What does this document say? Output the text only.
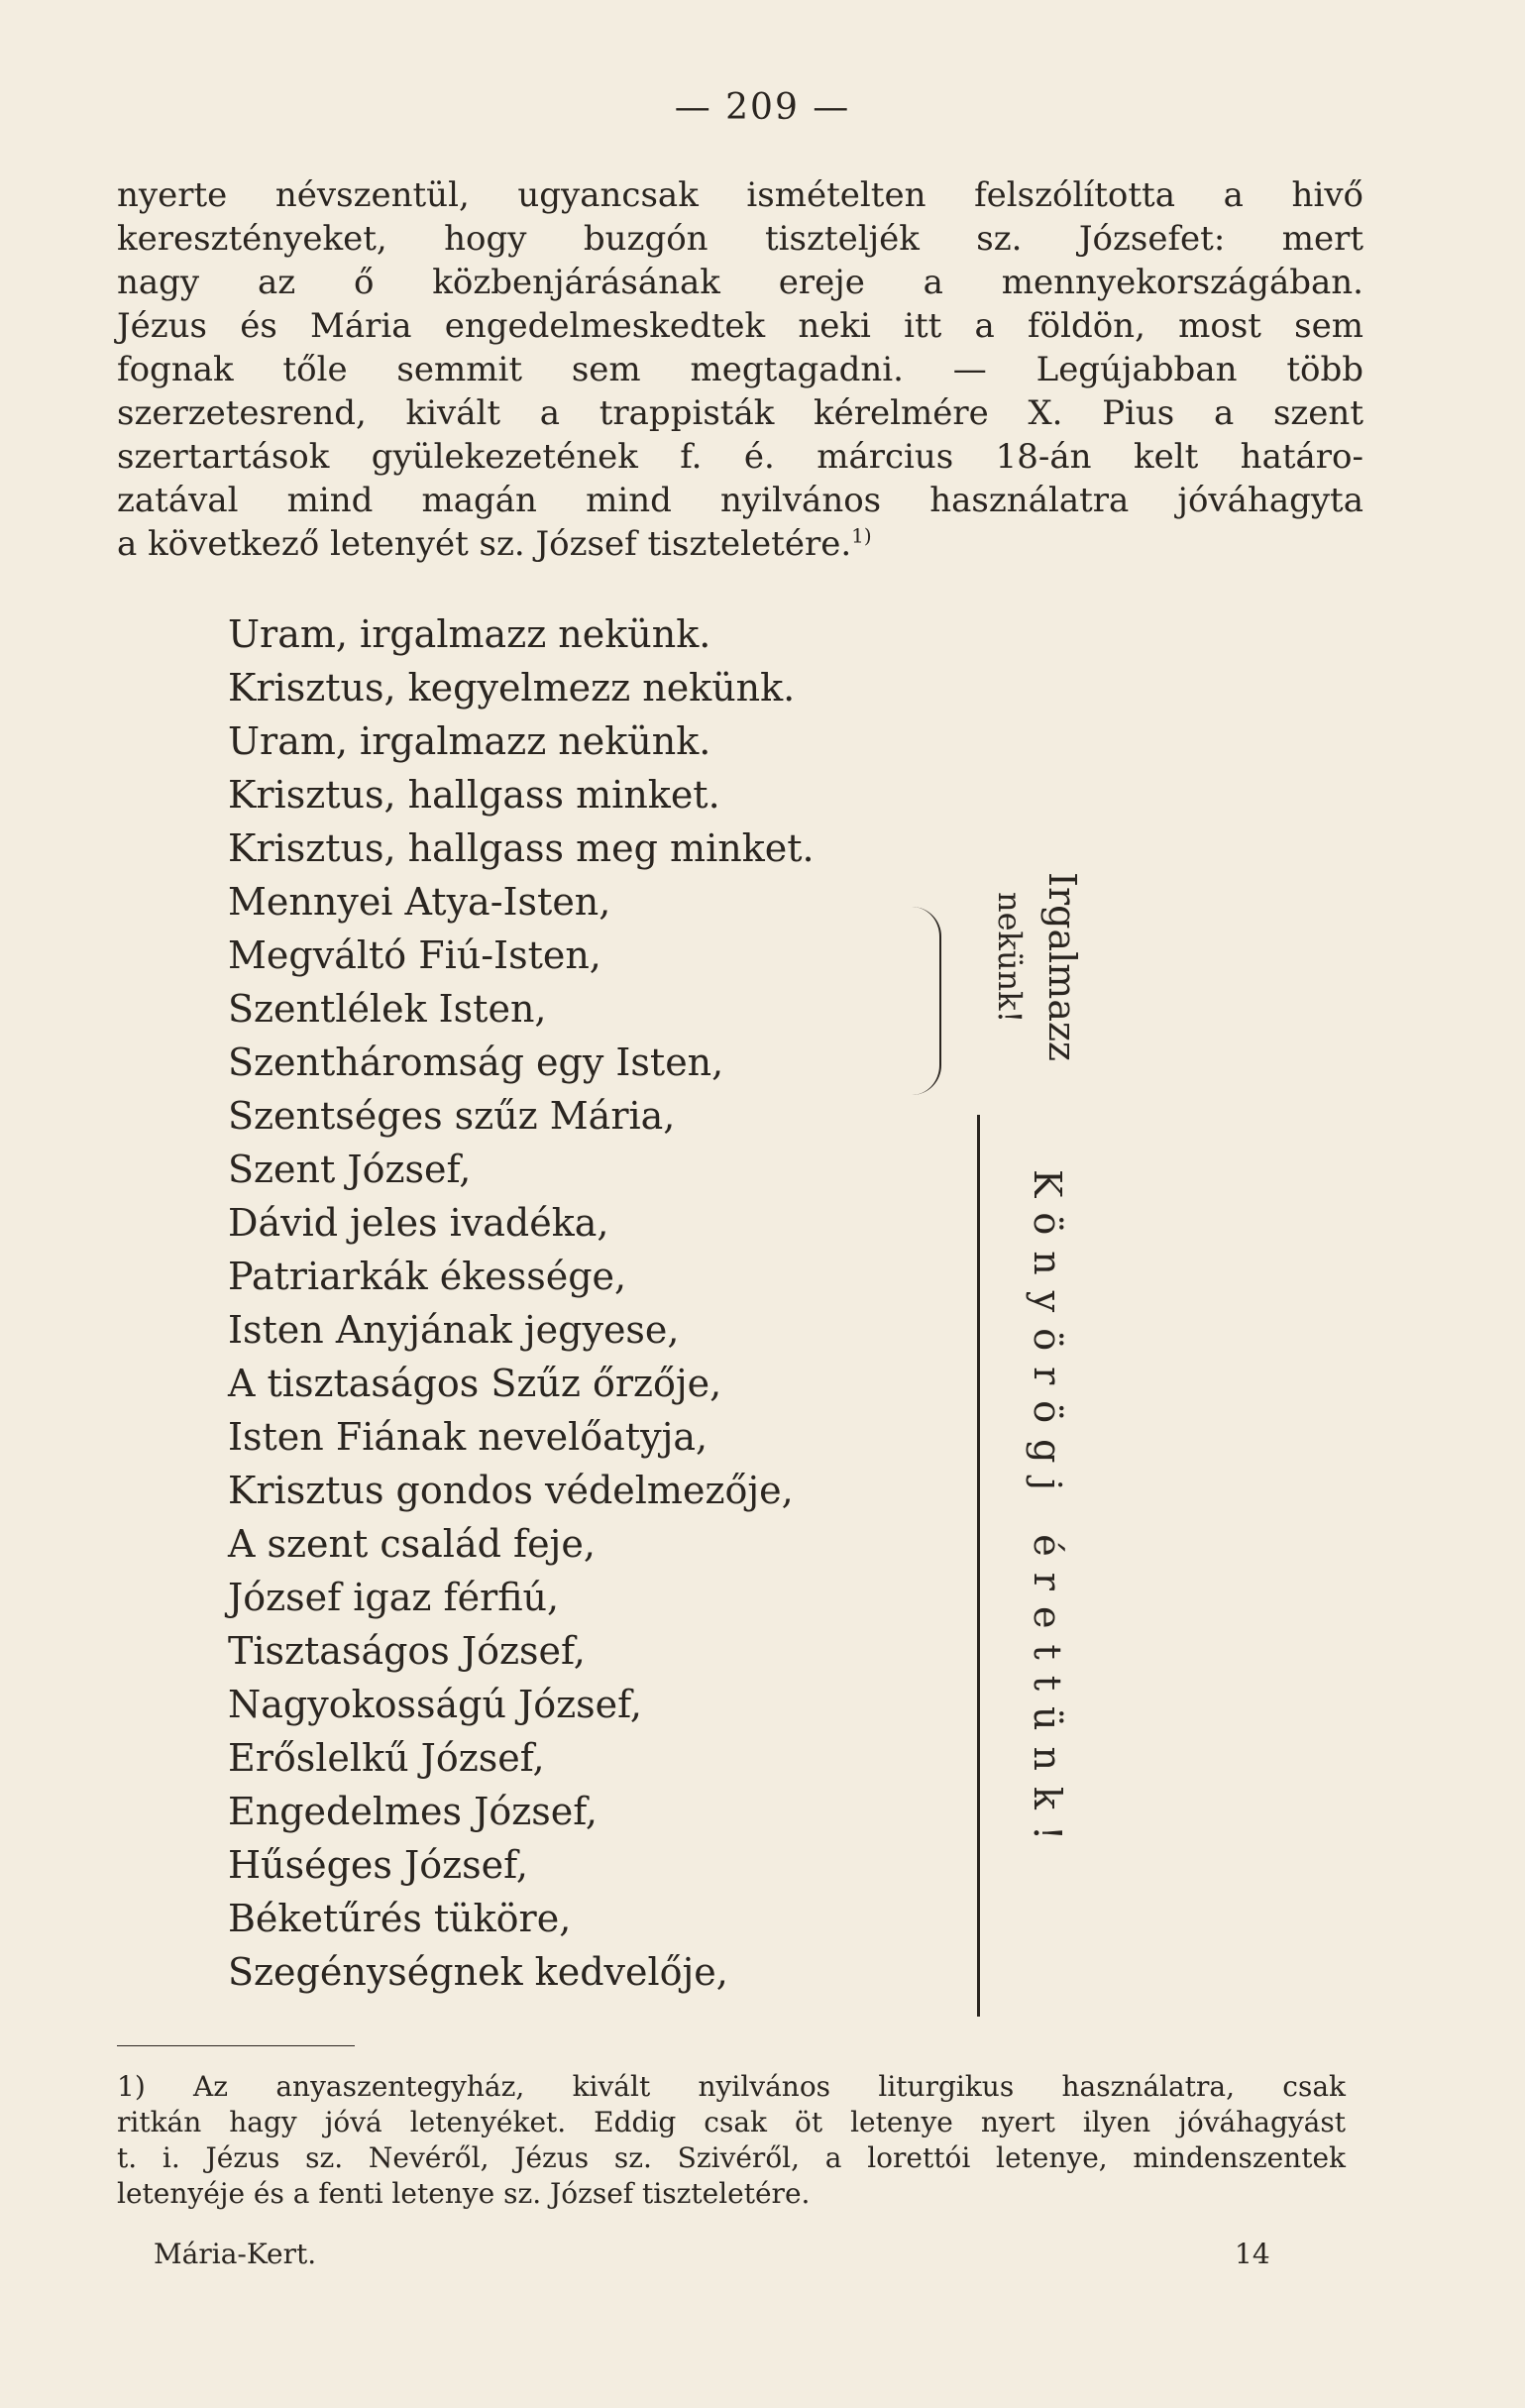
— 209 —
nyerte névszentül, ugyancsak ismételten felszólította a hivő
keresztényeket, hogy buzgón tiszteljék sz. Józsefet: mert
nagy az ő közbenjárásának ereje a mennyekországában.
Jézus és Mária engedelmeskedtek neki itt a földön, most sem
fognak tőle semmit sem megtagadni. — Legújabban több
szerzetesrend, kivált a trappisták kérelmére X. Pius a szent
szertartások gyülekezetének f. é. március 18-án kelt határo-
zatával mind magán mind nyilvános használatra jóváhagyta
a következő letenyét sz. József tiszteletére.$^{1)}$
Uram, irgalmazz nekünk.
Krisztus, kegyelmezz nekünk.
Uram, irgalmazz nekünk.
Krisztus, hallgass minket.
Krisztus, hallgass meg minket.
Mennyei Atya-Isten,
Megváltó Fiú-Isten,
Szentlélek Isten,
Szentháromság egy Isten,
Szentséges szűz Mária,
Szent József,
Dávid jeles ivadéka,
Patriarkák ékessége,
Isten Anyjának jegyese,
A tisztaságos Szűz őrzője,
Isten Fiának nevelőatyja,
Krisztus gondos védelmezője,
A szent család feje,
József igaz férfiú,
Tisztaságos József,
Nagyokosságú József,
Erőslelkű József,
Engedelmes József,
Hűséges József,
Béketűrés tüköre,
Szegénységnek kedvelője,
Irgalmazz
nekünk!
Könyörögj érettünk!
1) Az anyaszentegyház, kivált nyilvános liturgikus használatra, csak
ritkán hagy jóvá letenyéket. Eddig csak öt letenye nyert ilyen jóváhagyást
t. i. Jézus sz. Nevéről, Jézus sz. Szivéről, a lorettói letenye, mindenszentek
letenyéje és a fenti letenye sz. József tiszteletére.
Mária-Kert.	14
